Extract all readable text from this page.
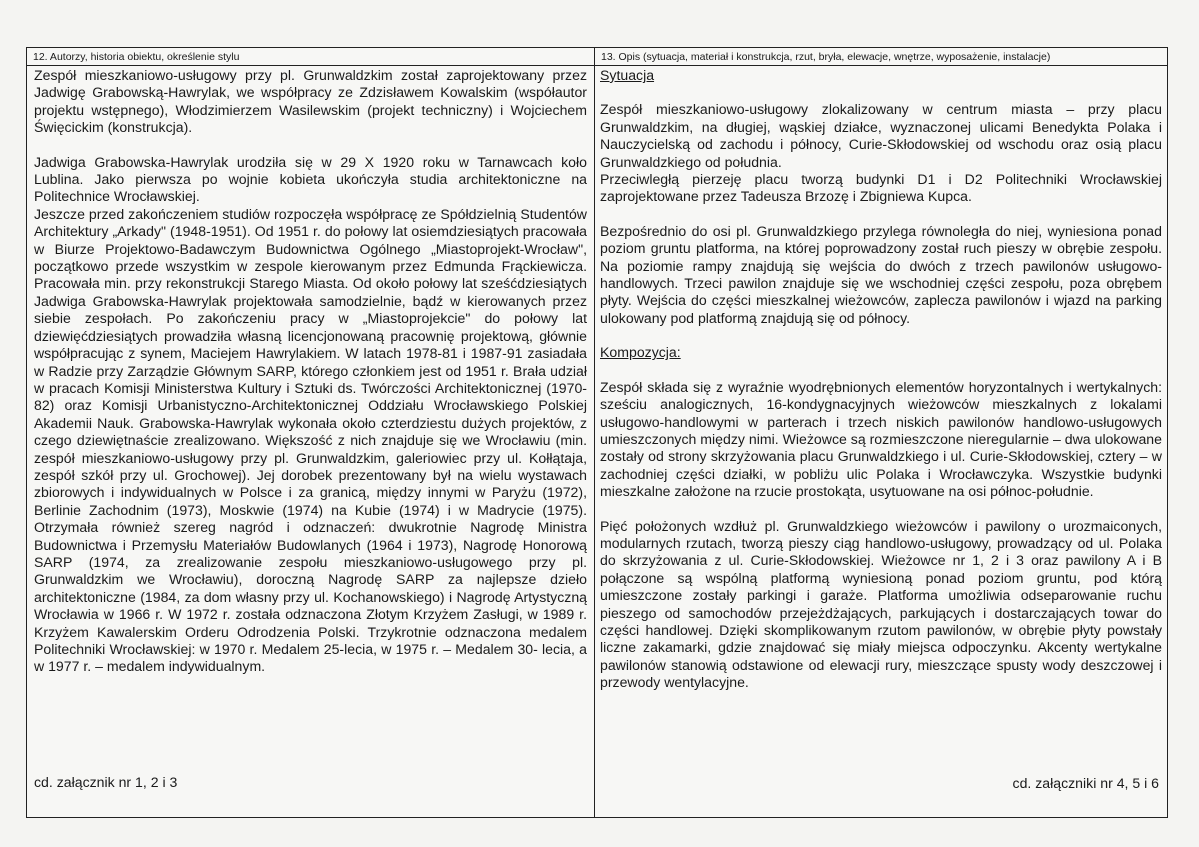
12. Autorzy, historia obiektu, określenie stylu	13. Opis (sytuacja, materiał i konstrukcja, rzut, bryła, elewacje, wnętrze, wyposażenie, instalacje)

Zespół mieszkaniowo-usługowy przy pl. Grunwaldzkim został zaprojektowany przez Jadwigę Grabowską-Hawrylak, we współpracy ze Zdzisławem Kowalskim (współautor projektu wstępnego), Włodzimierzem Wasilewskim (projekt techniczny) i Wojciechem Święcickim (konstrukcja).

Jadwiga Grabowska-Hawrylak urodziła się w 29 X 1920 roku w Tarnawcach koło Lublina. Jako pierwsza po wojnie kobieta ukończyła studia architektoniczne na Politechnice Wrocławskiej.

Jeszcze przed zakończeniem studiów rozpoczęła współpracę ze Spółdzielnią Studentów Architektury „Arkady" (1948-1951). Od 1951 r. do połowy lat osiemdziesiątych pracowała w Biurze Projektowo-Badawczym Budownictwa Ogólnego „Miastoprojekt-Wrocław", początkowo przede wszystkim w zespole kierowanym przez Edmunda Frąckiewicza. Pracowała min. przy rekonstrukcji Starego Miasta. Od około połowy lat sześćdziesiątych Jadwiga Grabowska-Hawrylak projektowała samodzielnie, bądź w kierowanych przez siebie zespołach. Po zakończeniu pracy w „Miastoprojekcie" do połowy lat dziewięćdziesiątych prowadziła własną licencjonowaną pracownię projektową, głównie współpracując z synem, Maciejem Hawrylakiem. W latach 1978-81 i 1987-91 zasiadała w Radzie przy Zarządzie Głównym SARP, którego członkiem jest od 1951 r. Brała udział w pracach Komisji Ministerstwa Kultury i Sztuki ds. Twórczości Architektonicznej (1970-82) oraz Komisji Urbanistyczno-Architektonicznej Oddziału Wrocławskiego Polskiej Akademii Nauk. Grabowska-Hawrylak wykonała około czterdziestu dużych projektów, z czego dziewiętnaście zrealizowano. Większość z nich znajduje się we Wrocławiu (min. zespół mieszkaniowo-usługowy przy pl. Grunwaldzkim, galeriowiec przy ul. Kołłątaja, zespół szkół przy ul. Grochowej). Jej dorobek prezentowany był na wielu wystawach zbiorowych i indywidualnych w Polsce i za granicą, między innymi w Paryżu (1972), Berlinie Zachodnim (1973), Moskwie (1974) na Kubie (1974) i w Madrycie (1975). Otrzymała również szereg nagród i odznaczeń: dwukrotnie Nagrodę Ministra Budownictwa i Przemysłu Materiałów Budowlanych (1964 i 1973), Nagrodę Honorową SARP (1974, za zrealizowanie zespołu mieszkaniowo-usługowego przy pl. Grunwaldzkim we Wrocławiu), doroczną Nagrodę SARP za najlepsze dzieło architektoniczne (1984, za dom własny przy ul. Kochanowskiego) i Nagrodę Artystyczną Wrocławia w 1966 r. W 1972 r. została odznaczona Złotym Krzyżem Zasługi, w 1989 r. Krzyżem Kawalerskim Orderu Odrodzenia Polski. Trzykrotnie odznaczona medalem Politechniki Wrocławskiej: w 1970 r. Medalem 25-lecia, w 1975 r. – Medalem 30- lecia, a w 1977 r. – medalem indywidualnym.

Sytuacja

Zespół mieszkaniowo-usługowy zlokalizowany w centrum miasta – przy placu Grunwaldzkim, na długiej, wąskiej działce, wyznaczonej ulicami Benedykta Polaka i Nauczycielską od zachodu i północy, Curie-Skłodowskiej od wschodu oraz osią placu Grunwaldzkiego od południa.

Przeciwległą pierzeję placu tworzą budynki D1 i D2 Politechniki Wrocławskiej zaprojektowane przez Tadeusza Brzozę i Zbigniewa Kupca.

Bezpośrednio do osi pl. Grunwaldzkiego przylega równoległa do niej, wyniesiona ponad poziom gruntu platforma, na której poprowadzony został ruch pieszy w obrębie zespołu. Na poziomie rampy znajdują się wejścia do dwóch z trzech pawilonów usługowo-handlowych. Trzeci pawilon znajduje się we wschodniej części zespołu, poza obrębem płyty. Wejścia do części mieszkalnej wieżowców, zaplecza pawilonów i wjazd na parking ulokowany pod platformą znajdują się od północy.

Kompozycja:

Zespół składa się z wyraźnie wyodrębnionych elementów horyzontalnych i wertykalnych: sześciu analogicznych, 16-kondygnacyjnych wieżowców mieszkalnych z lokalami usługowo-handlowymi w parterach i trzech niskich pawilonów handlowo-usługowych umieszczonych między nimi. Wieżowce są rozmieszczone nieregularnie – dwa ulokowane zostały od strony skrzyżowania placu Grunwaldzkiego i ul. Curie-Skłodowskiej, cztery – w zachodniej części działki, w pobliżu ulic Polaka i Wrocławczyka. Wszystkie budynki mieszkalne założone na rzucie prostokąta, usytuowane na osi północ-południe.

Pięć położonych wzdłuż pl. Grunwaldzkiego wieżowców i pawilony o urozmaiconych, modularnych rzutach, tworzą pieszy ciąg handlowo-usługowy, prowadzący od ul. Polaka do skrzyżowania z ul. Curie-Skłodowskiej. Wieżowce nr 1, 2 i 3 oraz pawilony A i B połączone są wspólną platformą wyniesioną ponad poziom gruntu, pod którą umieszczone zostały parkingi i garaże. Platforma umożliwia odseparowanie ruchu pieszego od samochodów przejeżdżających, parkujących i dostarczających towar do części handlowej. Dzięki skomplikowanym rzutom pawilonów, w obrębie płyty powstały liczne zakamarki, gdzie znajdować się miały miejsca odpoczynku. Akcenty wertykalne pawilonów stanowią odstawione od elewacji rury, mieszczące spusty wody deszczowej i przewody wentylacyjne.

cd. załącznik nr 1, 2 i 3	cd. załączniki nr 4, 5 i 6
